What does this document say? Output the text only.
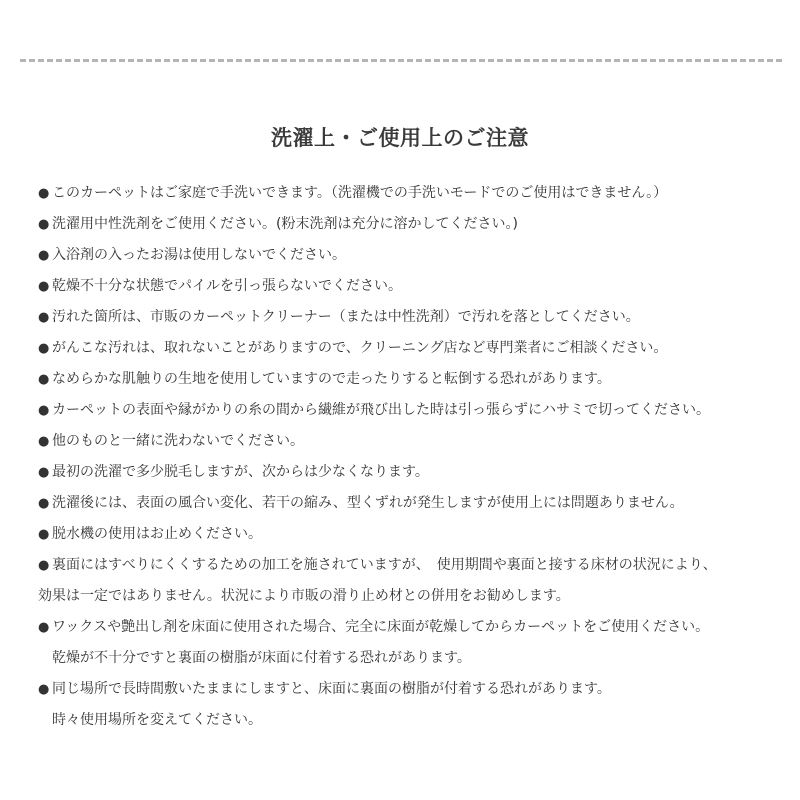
洗濯上・ご使用上のご注意
● このカーペットはご家庭で手洗いできます。（洗濯機での手洗いモードでのご使用はできません。）
● 洗濯用中性洗剤をご使用ください。(粉末洗剤は充分に溶かしてください。)
● 入浴剤の入ったお湯は使用しないでください。
● 乾燥不十分な状態でパイルを引っ張らないでください。
● 汚れた箇所は、市販のカーペットクリーナー（または中性洗剤）で汚れを落としてください。
● がんこな汚れは、取れないことがありますので、クリーニング店など専門業者にご相談ください。
● なめらかな肌触りの生地を使用していますので走ったりすると転倒する恐れがあります。
● カーペットの表面や縁がかりの糸の間から繊維が飛び出した時は引っ張らずにハサミで切ってください。
● 他のものと一緒に洗わないでください。
● 最初の洗濯で多少脱毛しますが、次からは少なくなります。
● 洗濯後には、表面の風合い変化、若干の縮み、型くずれが発生しますが使用上には問題ありません。
● 脱水機の使用はお止めください。
● 裏面にはすべりにくくするための加工を施されていますが、　使用期間や裏面と接する床材の状況により、
効果は一定ではありません。状況により市販の滑り止め材との併用をお勧めします。
● ワックスや艶出し剤を床面に使用された場合、完全に床面が乾燥してからカーペットをご使用ください。
乾燥が不十分ですと裏面の樹脂が床面に付着する恐れがあります。
● 同じ場所で長時間敷いたままにしますと、床面に裏面の樹脂が付着する恐れがあります。
時々使用場所を変えてください。
